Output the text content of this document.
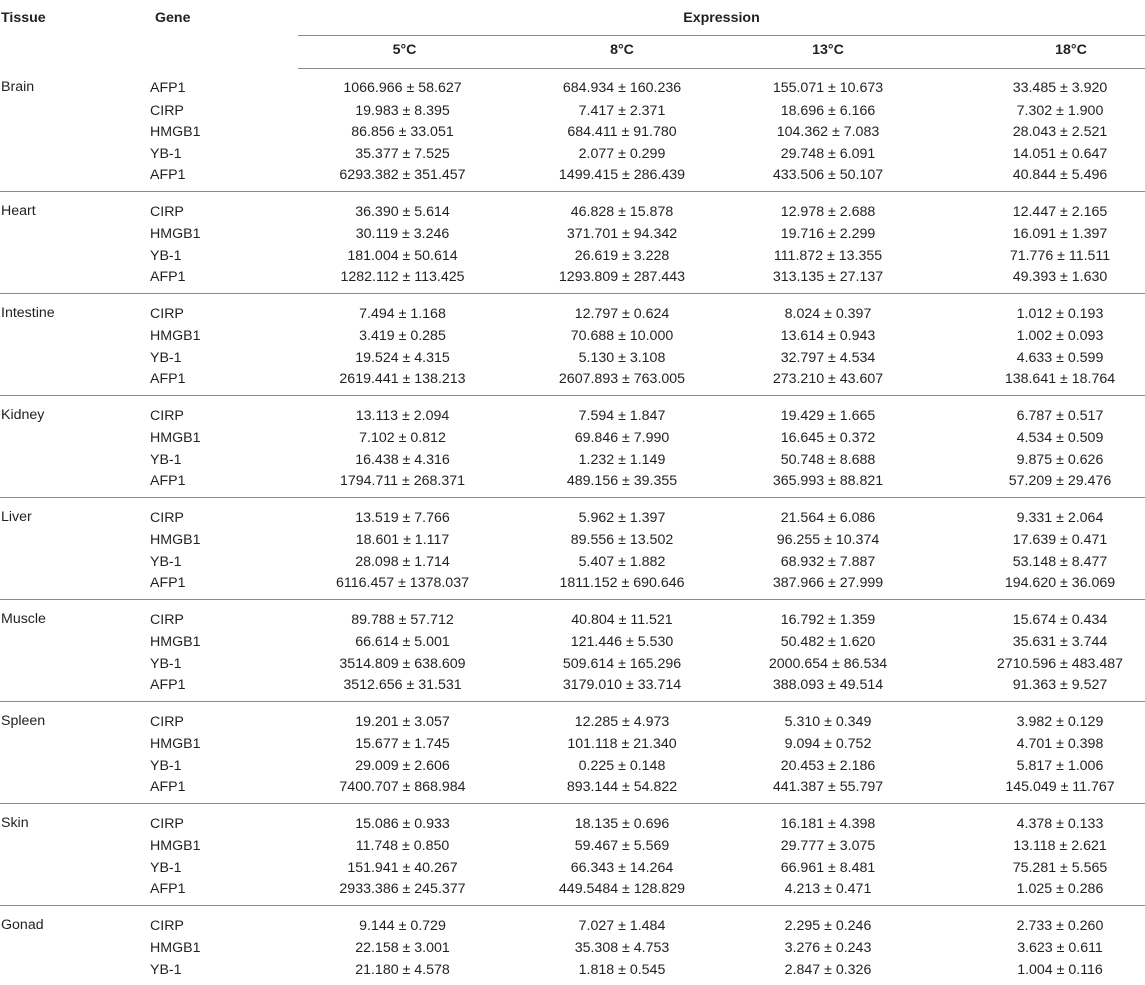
Tissue	Gene	Expression			
		5°C	8°C	13°C	18°C
Brain	AFP1	1066.966 ± 58.627	684.934 ± 160.236	155.071 ± 10.673	33.485 ± 3.920
	CIRP	19.983 ± 8.395	7.417 ± 2.371	18.696 ± 6.166	7.302 ± 1.900
	HMGB1	86.856 ± 33.051	684.411 ± 91.780	104.362 ± 7.083	28.043 ± 2.521
	YB-1	35.377 ± 7.525	2.077 ± 0.299	29.748 ± 6.091	14.051 ± 0.647
	AFP1	6293.382 ± 351.457	1499.415 ± 286.439	433.506 ± 50.107	40.844 ± 5.496
Heart	CIRP	36.390 ± 5.614	46.828 ± 15.878	12.978 ± 2.688	12.447 ± 2.165
	HMGB1	30.119 ± 3.246	371.701 ± 94.342	19.716 ± 2.299	16.091 ± 1.397
	YB-1	181.004 ± 50.614	26.619 ± 3.228	111.872 ± 13.355	71.776 ± 11.511
	AFP1	1282.112 ± 113.425	1293.809 ± 287.443	313.135 ± 27.137	49.393 ± 1.630
Intestine	CIRP	7.494 ± 1.168	12.797 ± 0.624	8.024 ± 0.397	1.012 ± 0.193
	HMGB1	3.419 ± 0.285	70.688 ± 10.000	13.614 ± 0.943	1.002 ± 0.093
	YB-1	19.524 ± 4.315	5.130 ± 3.108	32.797 ± 4.534	4.633 ± 0.599
	AFP1	2619.441 ± 138.213	2607.893 ± 763.005	273.210 ± 43.607	138.641 ± 18.764
Kidney	CIRP	13.113 ± 2.094	7.594 ± 1.847	19.429 ± 1.665	6.787 ± 0.517
	HMGB1	7.102 ± 0.812	69.846 ± 7.990	16.645 ± 0.372	4.534 ± 0.509
	YB-1	16.438 ± 4.316	1.232 ± 1.149	50.748 ± 8.688	9.875 ± 0.626
	AFP1	1794.711 ± 268.371	489.156 ± 39.355	365.993 ± 88.821	57.209 ± 29.476
Liver	CIRP	13.519 ± 7.766	5.962 ± 1.397	21.564 ± 6.086	9.331 ± 2.064
	HMGB1	18.601 ± 1.117	89.556 ± 13.502	96.255 ± 10.374	17.639 ± 0.471
	YB-1	28.098 ± 1.714	5.407 ± 1.882	68.932 ± 7.887	53.148 ± 8.477
	AFP1	6116.457 ± 1378.037	1811.152 ± 690.646	387.966 ± 27.999	194.620 ± 36.069
Muscle	CIRP	89.788 ± 57.712	40.804 ± 11.521	16.792 ± 1.359	15.674 ± 0.434
	HMGB1	66.614 ± 5.001	121.446 ± 5.530	50.482 ± 1.620	35.631 ± 3.744
	YB-1	3514.809 ± 638.609	509.614 ± 165.296	2000.654 ± 86.534	2710.596 ± 483.487
	AFP1	3512.656 ± 31.531	3179.010 ± 33.714	388.093 ± 49.514	91.363 ± 9.527
Spleen	CIRP	19.201 ± 3.057	12.285 ± 4.973	5.310 ± 0.349	3.982 ± 0.129
	HMGB1	15.677 ± 1.745	101.118 ± 21.340	9.094 ± 0.752	4.701 ± 0.398
	YB-1	29.009 ± 2.606	0.225 ± 0.148	20.453 ± 2.186	5.817 ± 1.006
	AFP1	7400.707 ± 868.984	893.144 ± 54.822	441.387 ± 55.797	145.049 ± 11.767
Skin	CIRP	15.086 ± 0.933	18.135 ± 0.696	16.181 ± 4.398	4.378 ± 0.133
	HMGB1	11.748 ± 0.850	59.467 ± 5.569	29.777 ± 3.075	13.118 ± 2.621
	YB-1	151.941 ± 40.267	66.343 ± 14.264	66.961 ± 8.481	75.281 ± 5.565
	AFP1	2933.386 ± 245.377	449.5484 ± 128.829	4.213 ± 0.471	1.025 ± 0.286
Gonad	CIRP	9.144 ± 0.729	7.027 ± 1.484	2.295 ± 0.246	2.733 ± 0.260
	HMGB1	22.158 ± 3.001	35.308 ± 4.753	3.276 ± 0.243	3.623 ± 0.611
	YB-1	21.180 ± 4.578	1.818 ± 0.545	2.847 ± 0.326	1.004 ± 0.116
